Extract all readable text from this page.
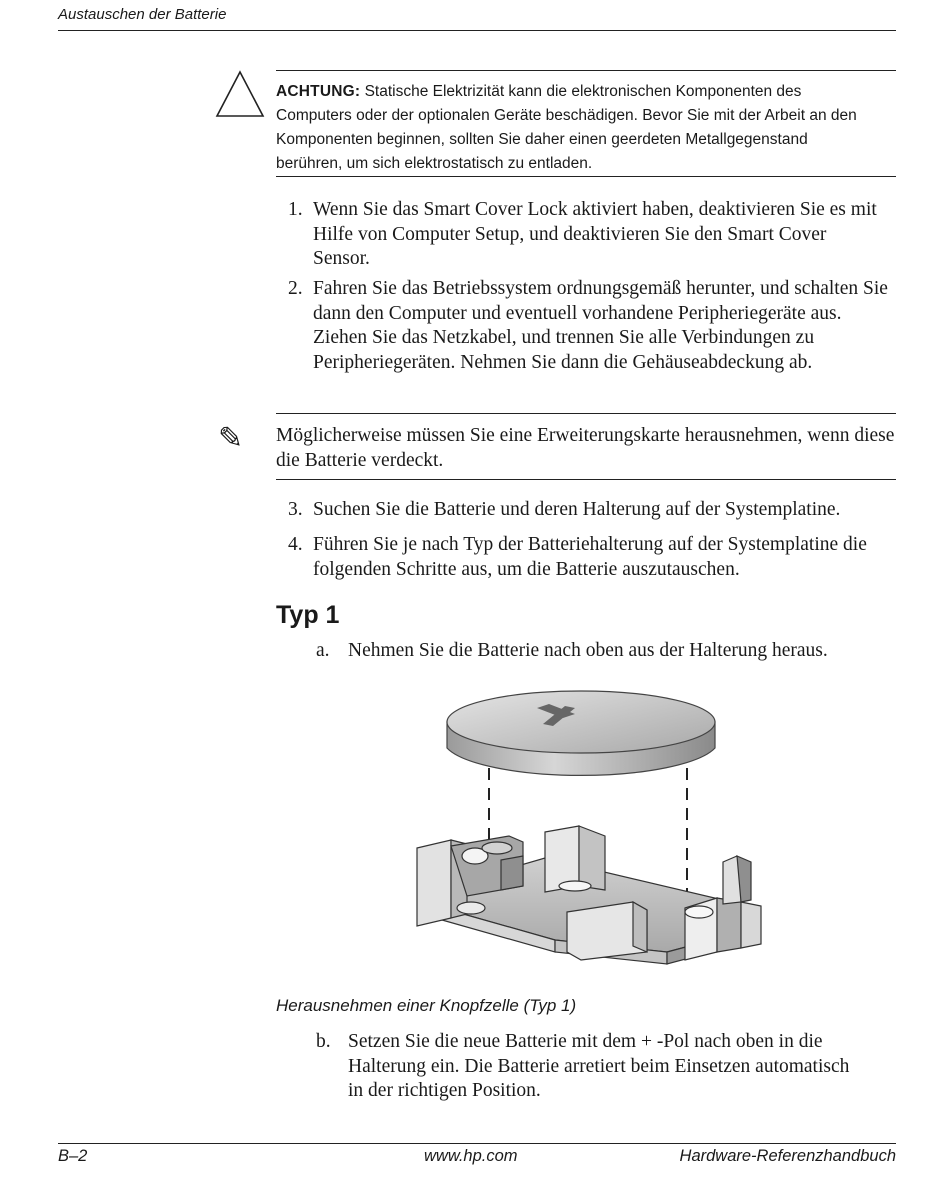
Austauschen der Batterie
ACHTUNG: Statische Elektrizität kann die elektronischen Komponenten des Computers oder der optionalen Geräte beschädigen. Bevor Sie mit der Arbeit an den Komponenten beginnen, sollten Sie daher einen geerdeten Metallgegenstand berühren, um sich elektrostatisch zu entladen.
1. Wenn Sie das Smart Cover Lock aktiviert haben, deaktivieren Sie es mit Hilfe von Computer Setup, und deaktivieren Sie den Smart Cover Sensor.
2. Fahren Sie das Betriebssystem ordnungsgemäß herunter, und schalten Sie dann den Computer und eventuell vorhandene Peripheriegeräte aus. Ziehen Sie das Netzkabel, und trennen Sie alle Verbindungen zu Peripheriegeräten. Nehmen Sie dann die Gehäuseabdeckung ab.
✎ Möglicherweise müssen Sie eine Erweiterungskarte herausnehmen, wenn diese die Batterie verdeckt.
3. Suchen Sie die Batterie und deren Halterung auf der Systemplatine.
4. Führen Sie je nach Typ der Batteriehalterung auf der Systemplatine die folgenden Schritte aus, um die Batterie auszutauschen.
Typ 1
a. Nehmen Sie die Batterie nach oben aus der Halterung heraus.
Herausnehmen einer Knopfzelle (Typ 1)
b. Setzen Sie die neue Batterie mit dem + -Pol nach oben in die Halterung ein. Die Batterie arretiert beim Einsetzen automatisch in der richtigen Position.
B–2	www.hp.com	Hardware-Referenzhandbuch
